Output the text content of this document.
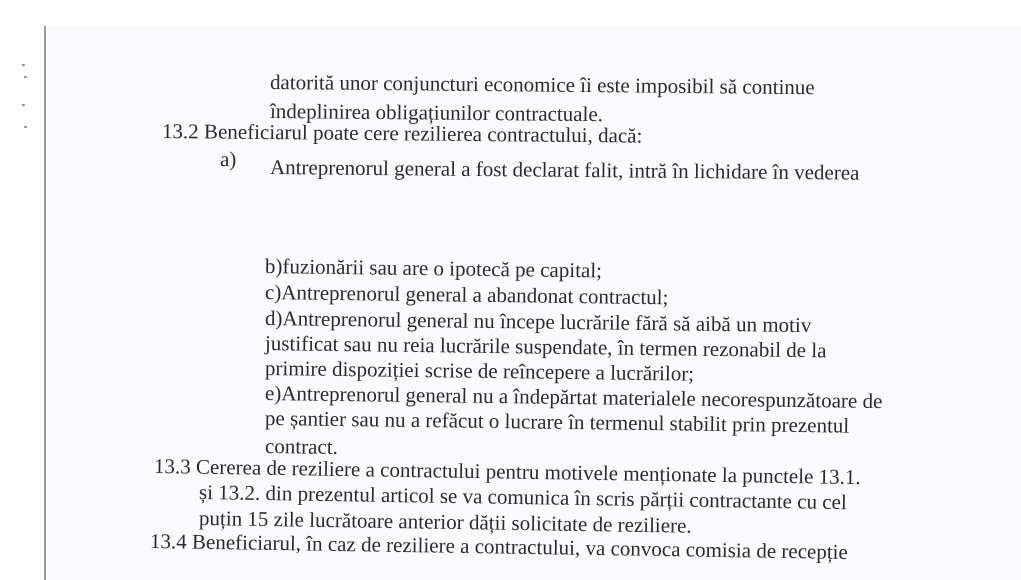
datorită unor conjuncturi economice îi este imposibil să continue
îndeplinirea obligațiunilor contractuale.
13.2 Beneficiarul poate cere rezilierea contractului, dacă:
a) Antreprenorul general a fost declarat falit, intră în lichidare în vederea
b)fuzionării sau are o ipotecă pe capital;
c)Antreprenorul general a abandonat contractul;
d)Antreprenorul general nu începe lucrările fără să aibă un motiv
justificat sau nu reia lucrările suspendate, în termen rezonabil de la
primire dispoziției scrise de reîncepere a lucrărilor;
e)Antreprenorul general nu a îndepărtat materialele necorespunzătoare de
pe șantier sau nu a refăcut o lucrare în termenul stabilit prin prezentul
contract.
13.3 Cererea de reziliere a contractului pentru motivele menționate la punctele 13.1.
și 13.2. din prezentul articol se va comunica în scris părții contractante cu cel
puțin 15 zile lucrătoare anterior dății solicitate de reziliere.
13.4 Beneficiarul, în caz de reziliere a contractului, va convoca comisia de recepție
